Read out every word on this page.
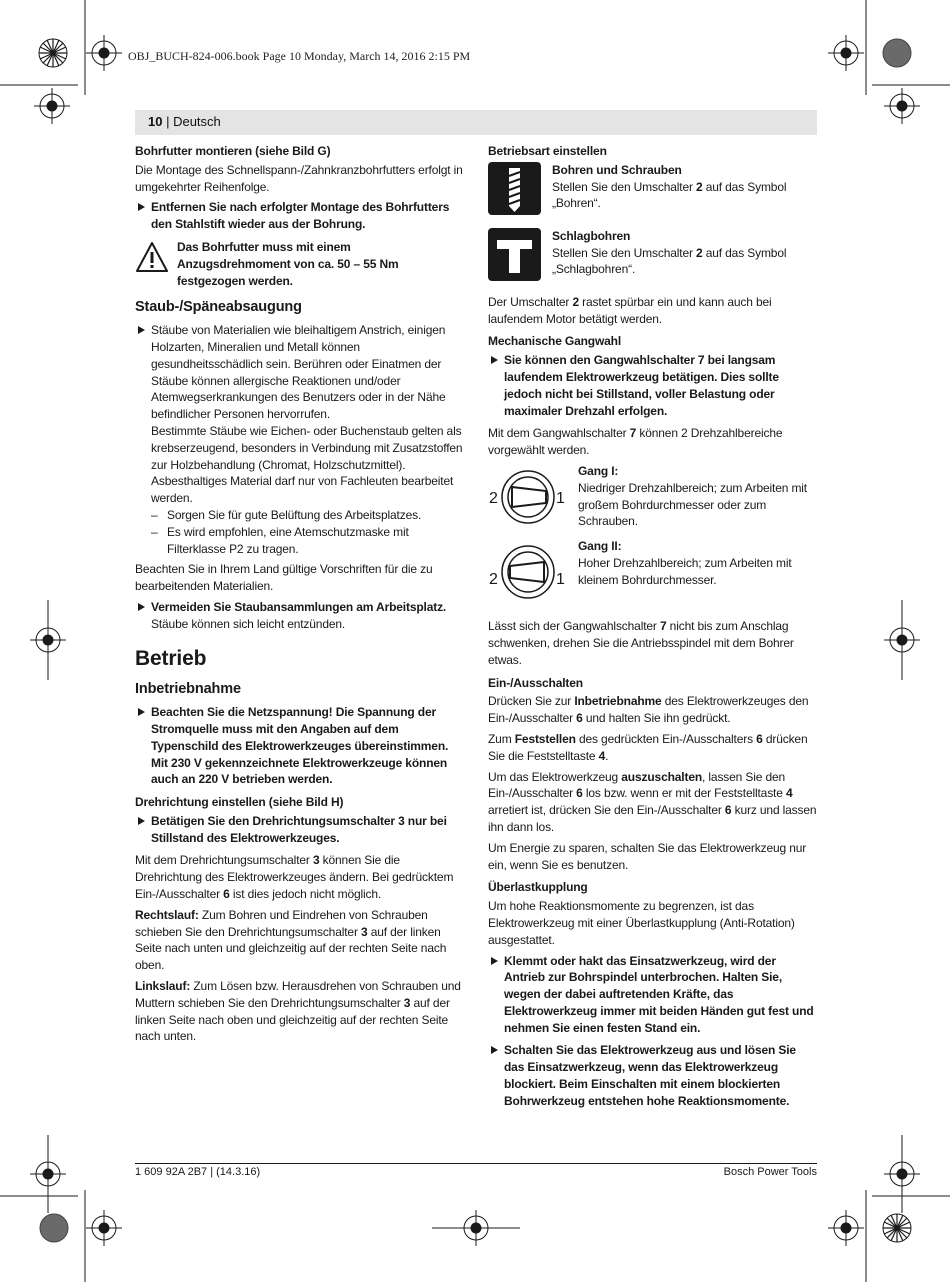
OBJ_BUCH-824-006.book Page 10 Monday, March 14, 2016 2:15 PM
10 | Deutsch

Bohrfutter montieren (siehe Bild G)

Die Montage des Schnellspann-/Zahnkranzbohrfutters erfolgt in umgekehrter Reihenfolge.

Entfernen Sie nach erfolgter Montage des Bohrfutters den Stahlstift wieder aus der Bohrung.
Das Bohrfutter muss mit einem Anzugsdrehmoment von ca. 50 – 55 Nm festgezogen werden.

Staub-/Späneabsaugung

Stäube von Materialien wie bleihaltigem Anstrich, einigen Holzarten, Mineralien und Metall können gesundheitsschädlich sein. Berühren oder Einatmen der Stäube können allergische Reaktionen und/oder Atemwegserkrankungen des Benutzers oder in der Nähe befindlicher Personen hervorrufen.
Bestimmte Stäube wie Eichen- oder Buchenstaub gelten als krebserzeugend, besonders in Verbindung mit Zusatzstoffen zur Holzbehandlung (Chromat, Holzschutzmittel). Asbesthaltiges Material darf nur von Fachleuten bearbeitet werden.
– Sorgen Sie für gute Belüftung des Arbeitsplatzes.
– Es wird empfohlen, eine Atemschutzmaske mit Filterklasse P2 zu tragen.

Beachten Sie in Ihrem Land gültige Vorschriften für die zu bearbeitenden Materialien.

Vermeiden Sie Staubansammlungen am Arbeitsplatz.
Stäube können sich leicht entzünden.

Betrieb

Inbetriebnahme

Beachten Sie die Netzspannung! Die Spannung der Stromquelle muss mit den Angaben auf dem Typenschild des Elektrowerkzeuges übereinstimmen. Mit 230 V gekennzeichnete Elektrowerkzeuge können auch an 220 V betrieben werden.

Drehrichtung einstellen (siehe Bild H)

Betätigen Sie den Drehrichtungsumschalter 3 nur bei Stillstand des Elektrowerkzeuges.

Mit dem Drehrichtungsumschalter 3 können Sie die Drehrichtung des Elektrowerkzeuges ändern. Bei gedrücktem Ein-/Ausschalter 6 ist dies jedoch nicht möglich.

Rechtslauf: Zum Bohren und Eindrehen von Schrauben schieben Sie den Drehrichtungsumschalter 3 auf der linken Seite nach unten und gleichzeitig auf der rechten Seite nach oben.

Linkslauf: Zum Lösen bzw. Herausdrehen von Schrauben und Muttern schieben Sie den Drehrichtungsumschalter 3 auf der linken Seite nach oben und gleichzeitig auf der rechten Seite nach unten.

Betriebsart einstellen

Bohren und Schrauben
Stellen Sie den Umschalter 2 auf das Symbol „Bohren“.
Schlagbohren
Stellen Sie den Umschalter 2 auf das Symbol „Schlagbohren“.

Der Umschalter 2 rastet spürbar ein und kann auch bei laufendem Motor betätigt werden.

Mechanische Gangwahl

Sie können den Gangwahlschalter 7 bei langsam laufendem Elektrowerkzeug betätigen. Dies sollte jedoch nicht bei Stillstand, voller Belastung oder maximaler Drehzahl erfolgen.

Mit dem Gangwahlschalter 7 können 2 Drehzahlbereiche vorgewählt werden.

2	1
Gang I:
Niedriger Drehzahlbereich; zum Arbeiten mit großem Bohrdurchmesser oder zum Schrauben.
2	1
Gang II:
Hoher Drehzahlbereich; zum Arbeiten mit kleinem Bohrdurchmesser.

Lässt sich der Gangwahlschalter 7 nicht bis zum Anschlag schwenken, drehen Sie die Antriebsspindel mit dem Bohrer etwas.

Ein-/Ausschalten

Drücken Sie zur Inbetriebnahme des Elektrowerkzeuges den Ein-/Ausschalter 6 und halten Sie ihn gedrückt.

Zum Feststellen des gedrückten Ein-/Ausschalters 6 drücken Sie die Feststelltaste 4.

Um das Elektrowerkzeug auszuschalten, lassen Sie den Ein-/Ausschalter 6 los bzw. wenn er mit der Feststelltaste 4 arretiert ist, drücken Sie den Ein-/Ausschalter 6 kurz und lassen ihn dann los.

Um Energie zu sparen, schalten Sie das Elektrowerkzeug nur ein, wenn Sie es benutzen.

Überlastkupplung

Um hohe Reaktionsmomente zu begrenzen, ist das Elektrowerkzeug mit einer Überlastkupplung (Anti-Rotation) ausgestattet.

Klemmt oder hakt das Einsatzwerkzeug, wird der Antrieb zur Bohrspindel unterbrochen. Halten Sie, wegen der dabei auftretenden Kräfte, das Elektrowerkzeug immer mit beiden Händen gut fest und nehmen Sie einen festen Stand ein.
Schalten Sie das Elektrowerkzeug aus und lösen Sie das Einsatzwerkzeug, wenn das Elektrowerkzeug blockiert. Beim Einschalten mit einem blockierten Bohrwerkzeug entstehen hohe Reaktionsmomente.
1 609 92A 2B7 | (14.3.16)	Bosch Power Tools
